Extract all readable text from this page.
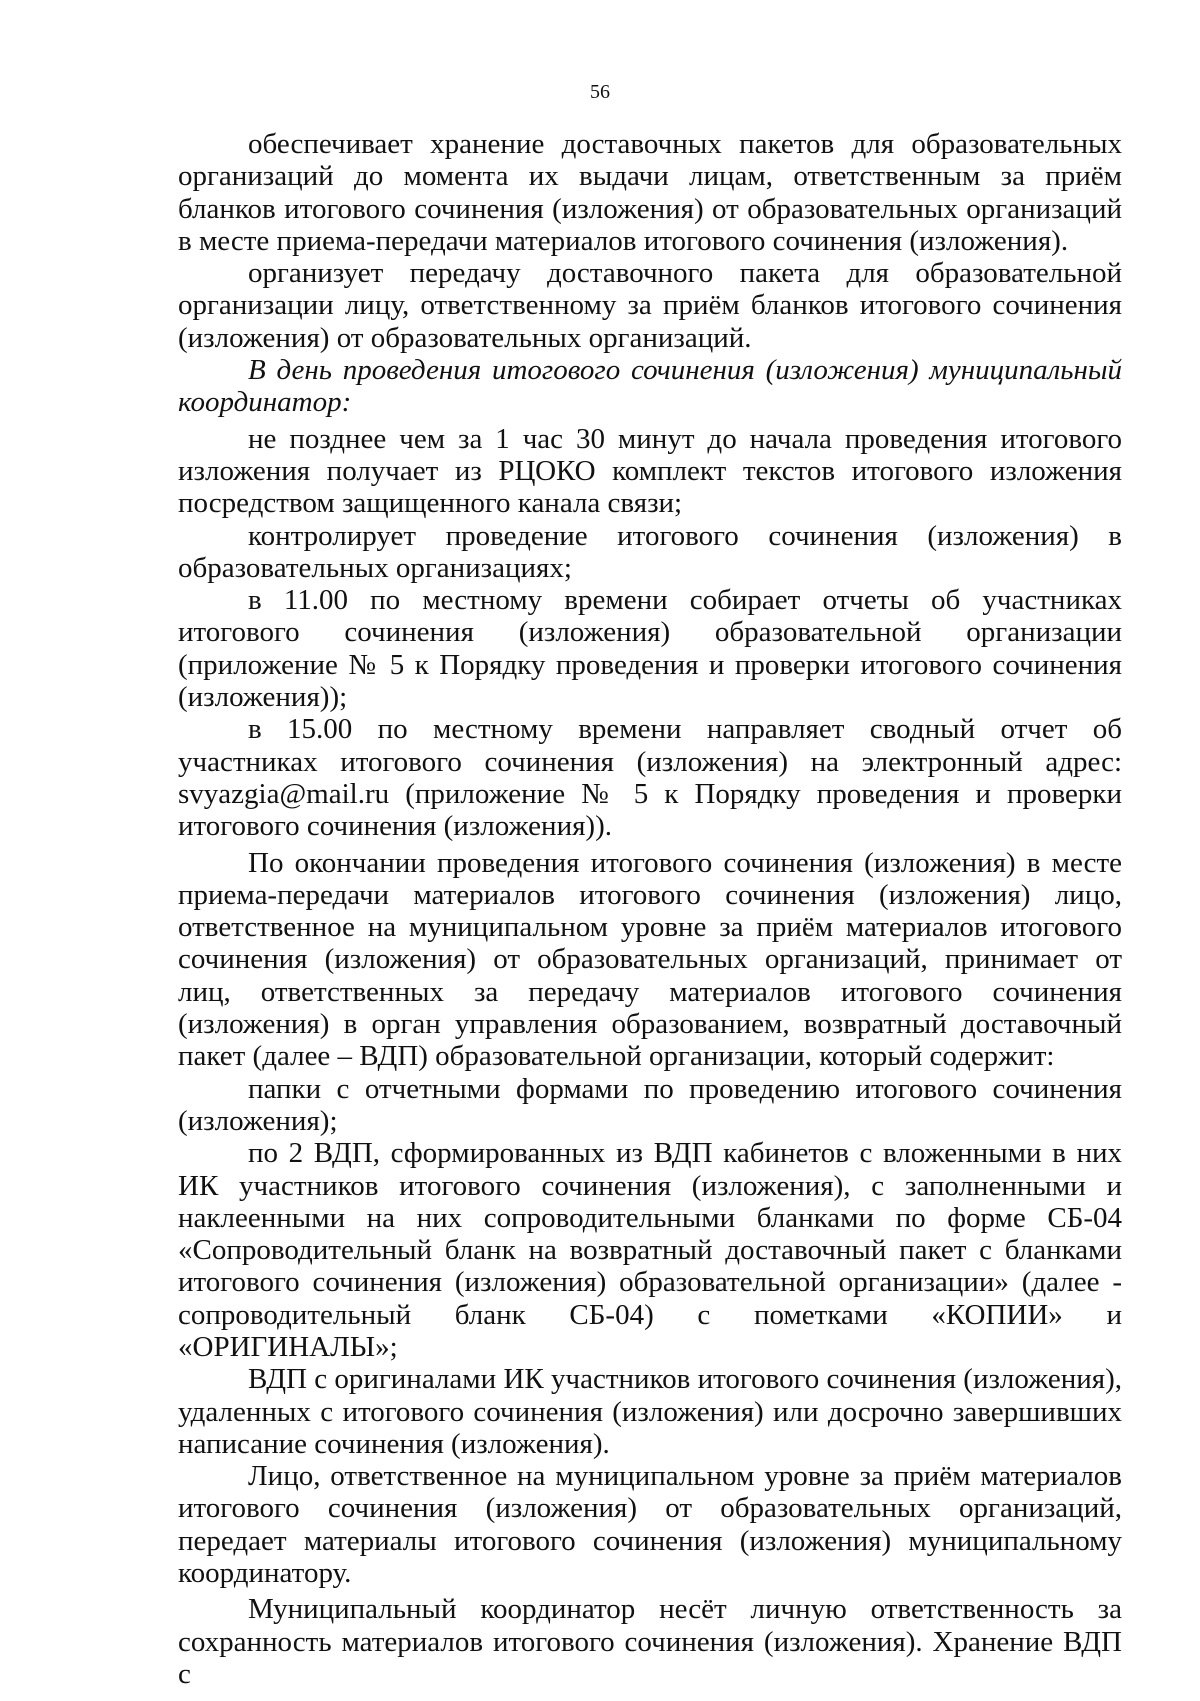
56

обеспечивает хранение доставочных пакетов для образовательных организаций до момента их выдачи лицам, ответственным за приём бланков итогового сочинения (изложения) от образовательных организаций в месте приема-передачи материалов итогового сочинения (изложения).

организует передачу доставочного пакета для образовательной организации лицу, ответственному за приём бланков итогового сочинения (изложения) от образовательных организаций.

В день проведения итогового сочинения (изложения) муниципальный координатор:

не позднее чем за 1 час 30 минут до начала проведения итогового изложения получает из РЦОКО комплект текстов итогового изложения посредством защищенного канала связи;

контролирует проведение итогового сочинения (изложения) в образовательных организациях;

в 11.00 по местному времени собирает отчеты об участниках итогового сочинения (изложения) образовательной организации (приложение № 5 к Порядку проведения и проверки итогового сочинения (изложения));

в 15.00 по местному времени направляет сводный отчет об участниках итогового сочинения (изложения) на электронный адрес: svyazgia@mail.ru (приложение № 5 к Порядку проведения и проверки итогового сочинения (изложения)).

По окончании проведения итогового сочинения (изложения) в месте приема-передачи материалов итогового сочинения (изложения) лицо, ответственное на муниципальном уровне за приём материалов итогового сочинения (изложения) от образовательных организаций, принимает от лиц, ответственных за передачу материалов итогового сочинения (изложения) в орган управления образованием, возвратный доставочный пакет (далее – ВДП) образовательной организации, который содержит:

папки с отчетными формами по проведению итогового сочинения (изложения);

по 2 ВДП, сформированных из ВДП кабинетов с вложенными в них ИК участников итогового сочинения (изложения), с заполненными и наклеенными на них сопроводительными бланками по форме СБ-04 «Сопроводительный бланк на возвратный доставочный пакет с бланками итогового сочинения (изложения) образовательной организации» (далее - сопроводительный бланк СБ-04) с пометками «КОПИИ» и «ОРИГИНАЛЫ»;

ВДП с оригиналами ИК участников итогового сочинения (изложения), удаленных с итогового сочинения (изложения) или досрочно завершивших написание сочинения (изложения).

Лицо, ответственное на муниципальном уровне за приём материалов итогового сочинения (изложения) от образовательных организаций, передает материалы итогового сочинения (изложения) муниципальному координатору.

Муниципальный координатор несёт личную ответственность за сохранность материалов итогового сочинения (изложения). Хранение ВДП с
